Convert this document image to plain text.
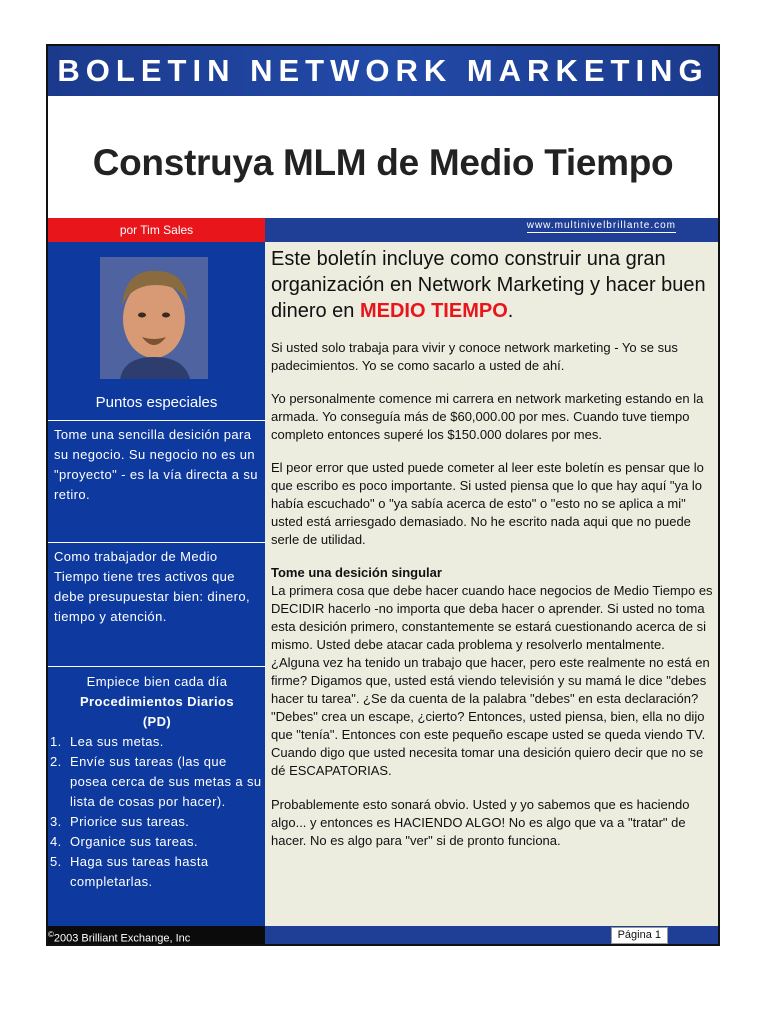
BOLETIN NETWORK MARKETING
Construya MLM de Medio Tiempo
por Tim Sales	www.multinivelbrillante.com
Puntos especiales
Tome una sencilla desición para su negocio. Su negocio no es un "proyecto" - es la vía directa a su retiro.
Como trabajador de Medio Tiempo tiene tres activos que debe presupuestar bien: dinero, tiempo y atención.
Empiece bien cada día
Procedimientos Diarios
(PD)
1. Lea sus metas.
2. Envíe sus tareas (las que posea cerca de sus metas a su lista de cosas por hacer).
3. Priorice sus tareas.
4. Organice sus tareas.
5. Haga sus tareas hasta completarlas.

Este boletín incluye como construir una gran organización en Network Marketing y hacer buen dinero en MEDIO TIEMPO.

Si usted solo trabaja para vivir y conoce network marketing - Yo se sus padecimientos. Yo se como sacarlo a usted de ahí.

Yo personalmente comence mi carrera en network marketing estando en la armada. Yo conseguía más de $60,000.00 por mes. Cuando tuve tiempo completo entonces superé los $150.000 dolares por mes.

El peor error que usted puede cometer al leer este boletín es pensar que lo que escribo es poco importante. Si usted piensa que lo que hay aquí "ya lo había escuchado" o "ya sabía acerca de esto" o "esto no se aplica a mi" usted está arriesgado demasiado. No he escrito nada aqui que no puede serle de utilidad.

Tome una desición singular

La primera cosa que debe hacer cuando hace negocios de Medio Tiempo es DECIDIR hacerlo -no importa que deba hacer o aprender. Si usted no toma esta desición primero, constantemente se estará cuestionando acerca de si mismo. Usted debe atacar cada problema y resolverlo mentalmente. ¿Alguna vez ha tenido un trabajo que hacer, pero este realmente no está en firme? Digamos que, usted está viendo televisión y su mamá le dice "debes hacer tu tarea". ¿Se da cuenta de la palabra "debes" en esta declaración? "Debes" crea un escape, ¿cierto? Entonces, usted piensa, bien, ella no dijo que "tenía". Entonces con este pequeño escape usted se queda viendo TV. Cuando digo que usted necesita tomar una desición quiero decir que no se dé ESCAPATORIAS.

Probablemente esto sonará obvio. Usted y yo sabemos que es haciendo algo... y entonces es HACIENDO ALGO! No es algo que va a "tratar" de hacer. No es algo para "ver" si de pronto funciona.

©2003 Brilliant Exchange, Inc	Página 1
